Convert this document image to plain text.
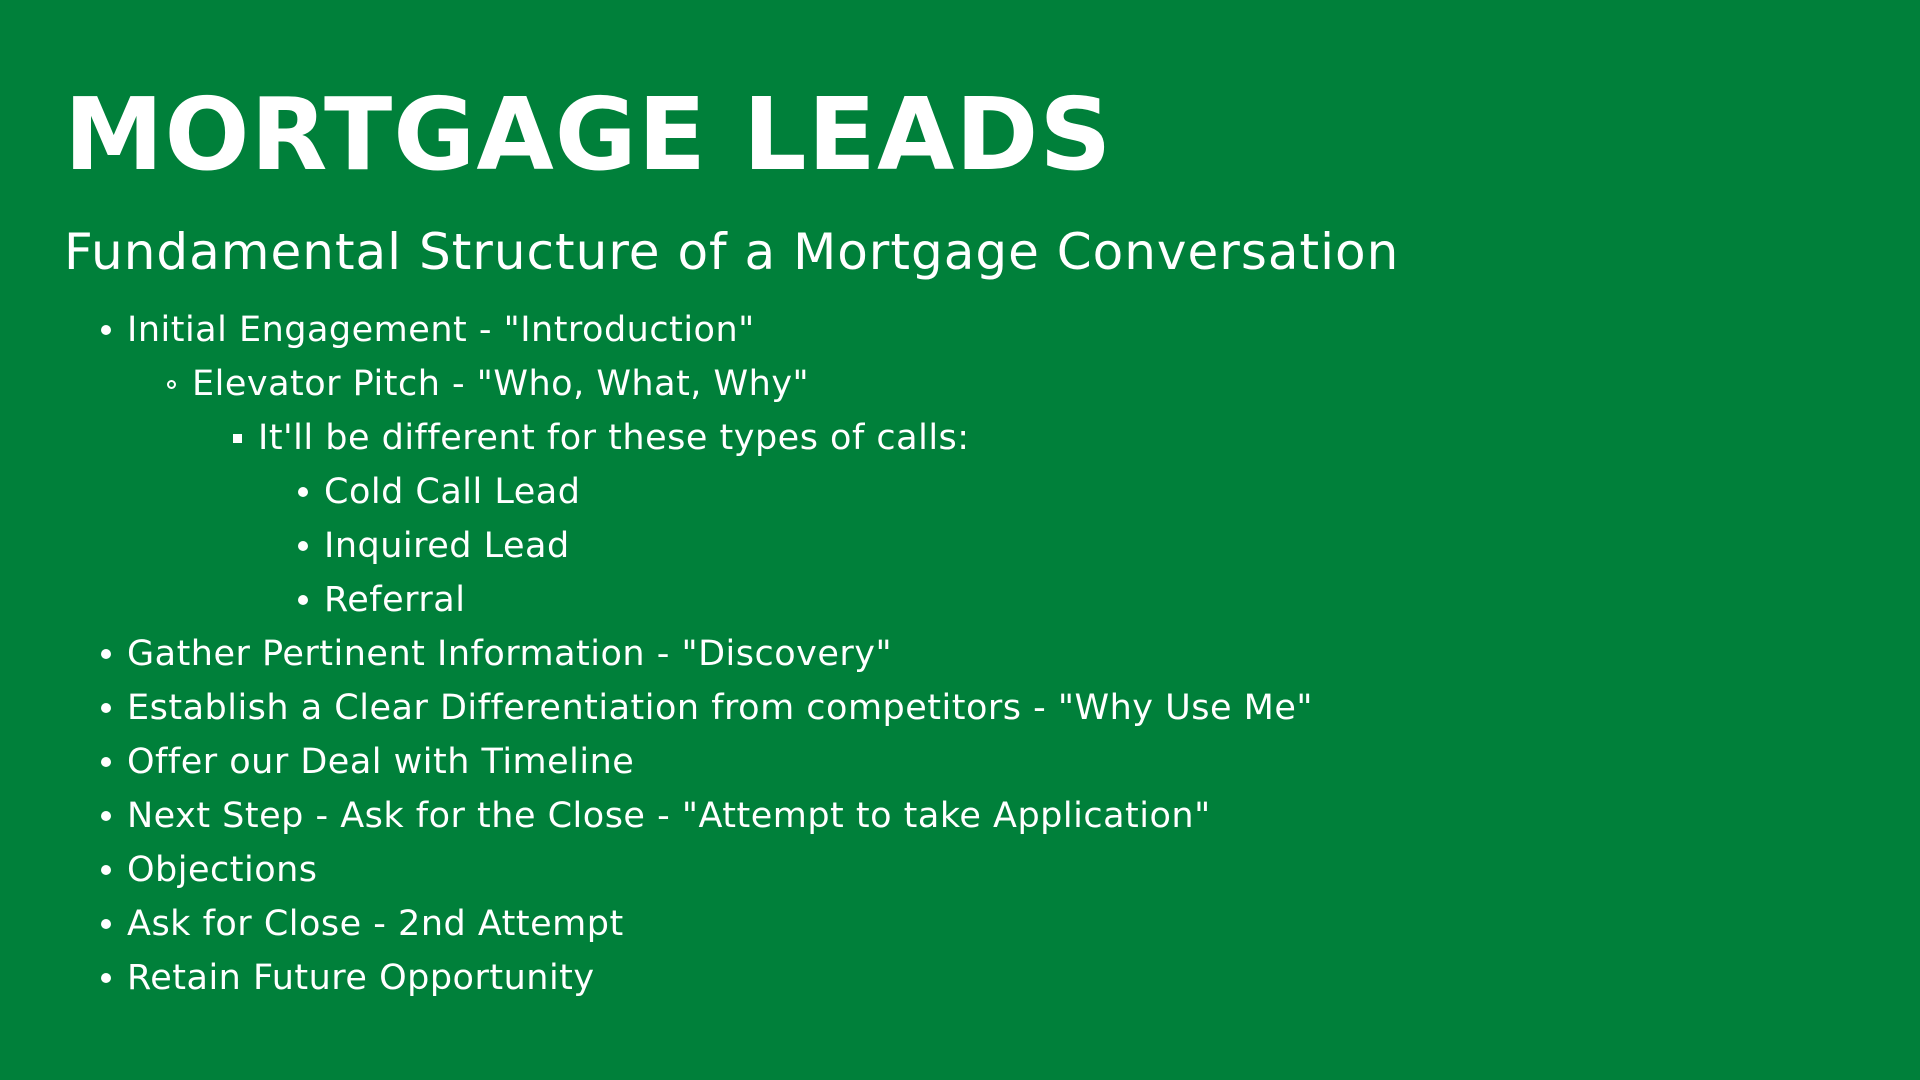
MORTGAGE LEADS
Fundamental Structure of a Mortgage Conversation
Initial Engagement - "Introduction"
Elevator Pitch - "Who, What, Why"
It'll be different for these types of calls:
Cold Call Lead
Inquired Lead
Referral
Gather Pertinent Information - "Discovery"
Establish a Clear Differentiation from competitors - "Why Use Me"
Offer our Deal with Timeline
Next Step - Ask for the Close - "Attempt to take Application"
Objections
Ask for Close - 2nd Attempt
Retain Future Opportunity
